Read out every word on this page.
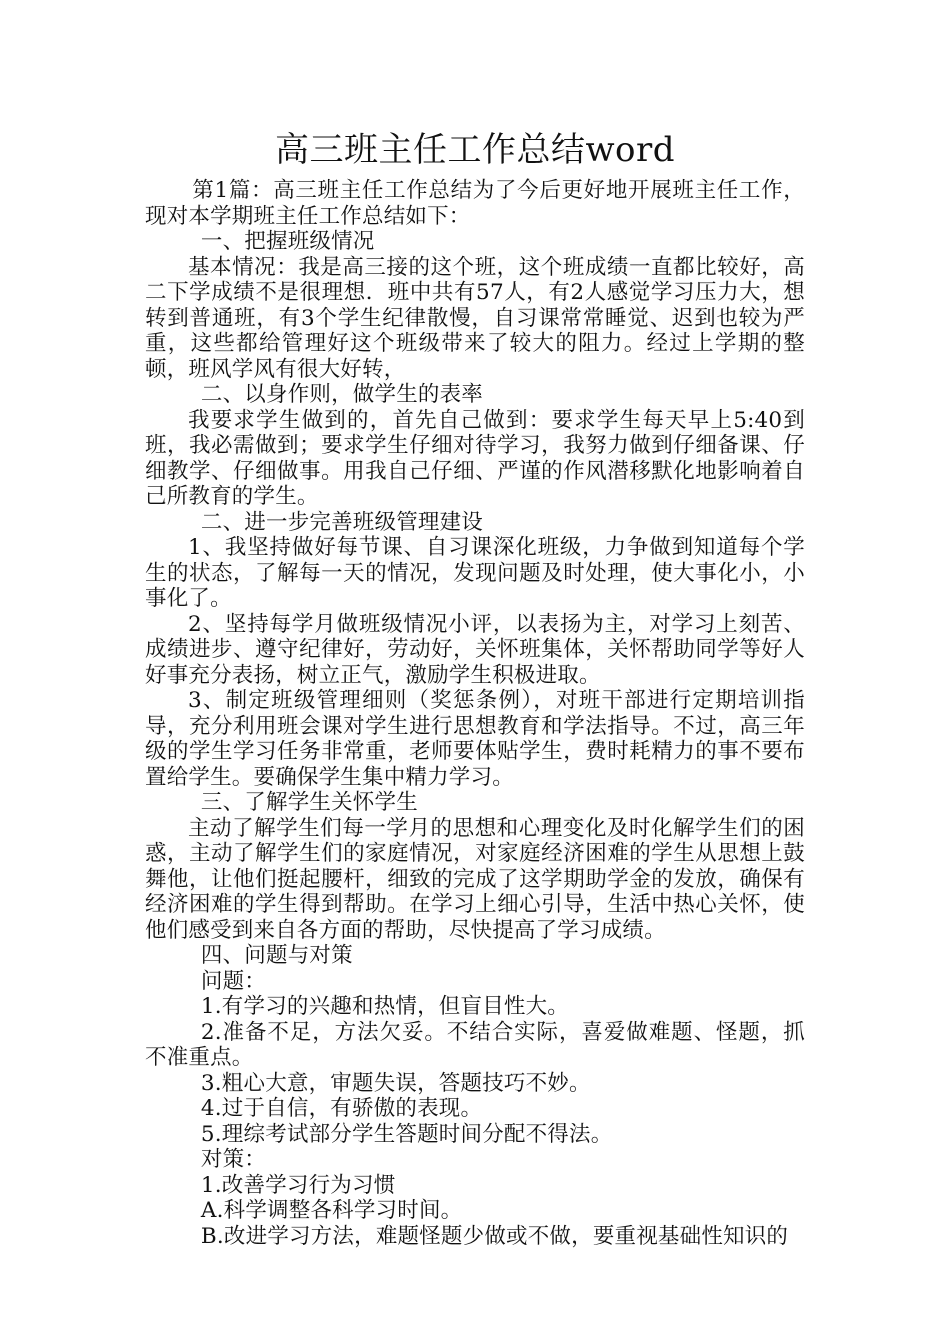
高三班主任工作总结word

第1篇：高三班主任工作总结为了今后更好地开展班主任工作，现对本学期班主任工作总结如下：

一、把握班级情况

基本情况：我是高三接的这个班，这个班成绩一直都比较好，高二下学成绩不是很理想．班中共有57人，有2人感觉学习压力大，想转到普通班，有3个学生纪律散慢，自习课常常睡觉、迟到也较为严重，这些都给管理好这个班级带来了较大的阻力。经过上学期的整顿，班风学风有很大好转，

二、以身作则，做学生的表率

我要求学生做到的，首先自己做到：要求学生每天早上5:40到班，我必需做到；要求学生仔细对待学习，我努力做到仔细备课、仔细教学、仔细做事。用我自己仔细、严谨的作风潜移默化地影响着自己所教育的学生。

二、进一步完善班级管理建设

1、我坚持做好每节课、自习课深化班级，力争做到知道每个学生的状态，了解每一天的情况，发现问题及时处理，使大事化小，小事化了。

2、坚持每学月做班级情况小评，以表扬为主，对学习上刻苦、成绩进步、遵守纪律好，劳动好，关怀班集体，关怀帮助同学等好人好事充分表扬，树立正气，激励学生积极进取。

3、制定班级管理细则（奖惩条例），对班干部进行定期培训指导，充分利用班会课对学生进行思想教育和学法指导。不过，高三年级的学生学习任务非常重，老师要体贴学生，费时耗精力的事不要布置给学生。要确保学生集中精力学习。

三、了解学生关怀学生

主动了解学生们每一学月的思想和心理变化及时化解学生们的困惑，主动了解学生们的家庭情况，对家庭经济困难的学生从思想上鼓舞他，让他们挺起腰杆，细致的完成了这学期助学金的发放，确保有经济困难的学生得到帮助。在学习上细心引导，生活中热心关怀，使他们感受到来自各方面的帮助，尽快提高了学习成绩。

四、问题与对策

问题：

1.有学习的兴趣和热情，但盲目性大。

2.准备不足，方法欠妥。不结合实际，喜爱做难题、怪题，抓不准重点。

3.粗心大意，审题失误，答题技巧不妙。

4.过于自信，有骄傲的表现。

5.理综考试部分学生答题时间分配不得法。

对策：

1.改善学习行为习惯

A.科学调整各科学习时间。

B.改进学习方法，难题怪题少做或不做，要重视基础性知识的
